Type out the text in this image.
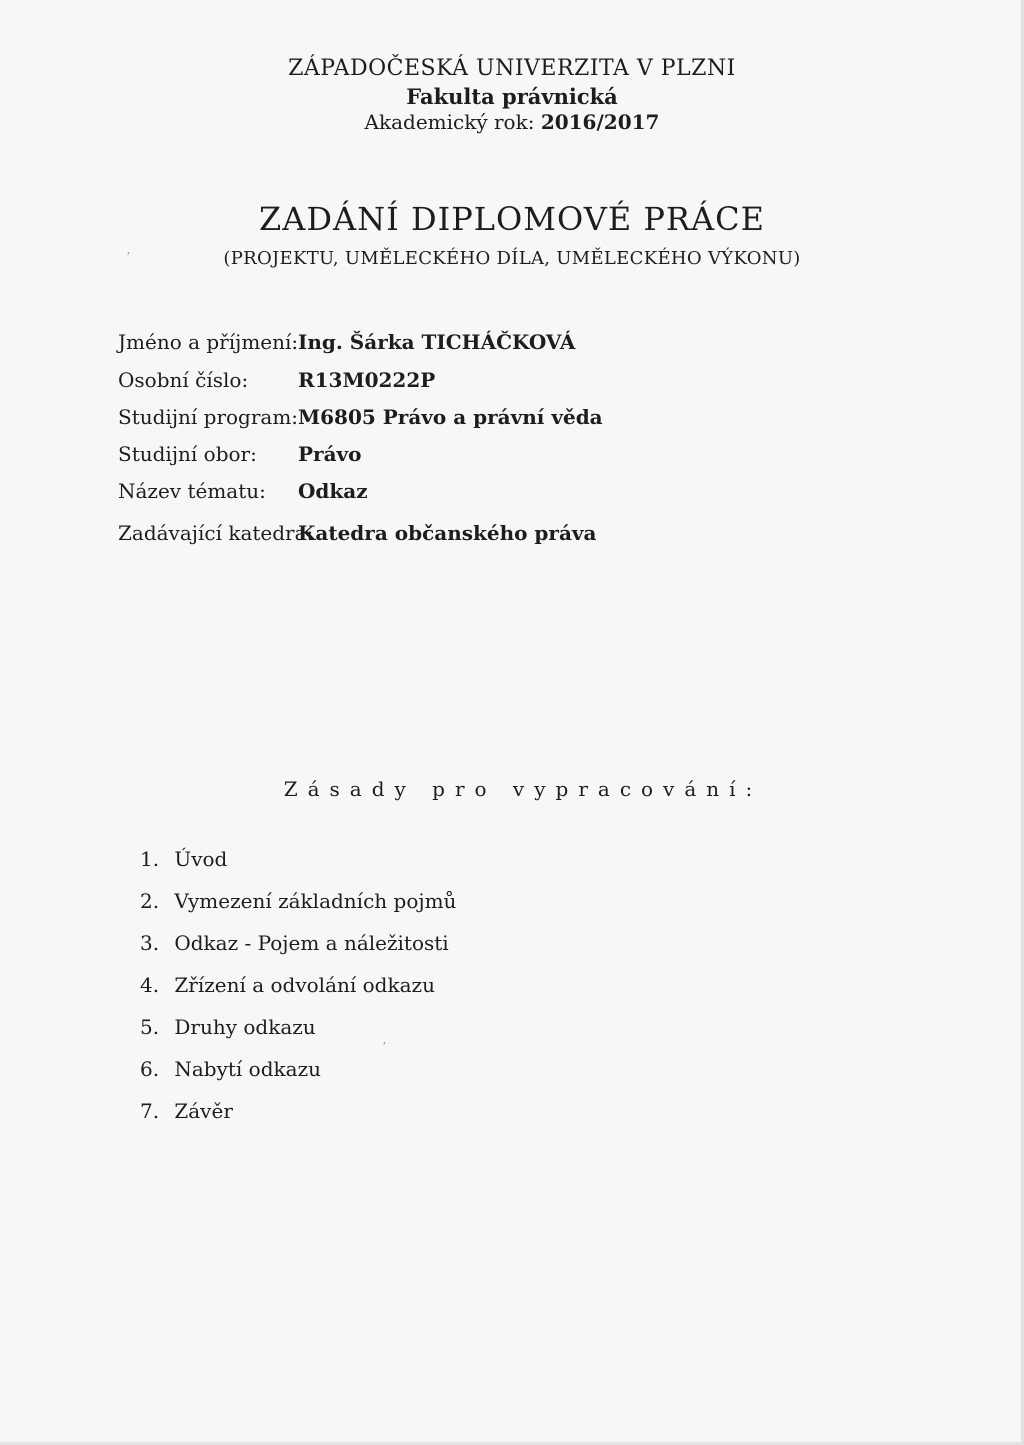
ZÁPADOČESKÁ UNIVERZITA V PLZNI
Fakulta právnická
Akademický rok: 2016/2017
ZADÁNÍ DIPLOMOVÉ PRÁCE
(PROJEKTU, UMĚLECKÉHO DÍLA, UMĚLECKÉHO VÝKONU)
Jméno a příjmení: Ing. Šárka TICHÁČKOVÁ
Osobní číslo: R13M0222P
Studijní program: M6805 Právo a právní věda
Studijní obor: Právo
Název tématu: Odkaz
Zadávající katedra:
Katedra občanského práva
Zásady pro vypracování:
1. Úvod
2. Vymezení základních pojmů
3. Odkaz - Pojem a náležitosti
4. Zřízení a odvolání odkazu
5. Druhy odkazu
6. Nabytí odkazu
7. Závěr
ʼ
ʼ
